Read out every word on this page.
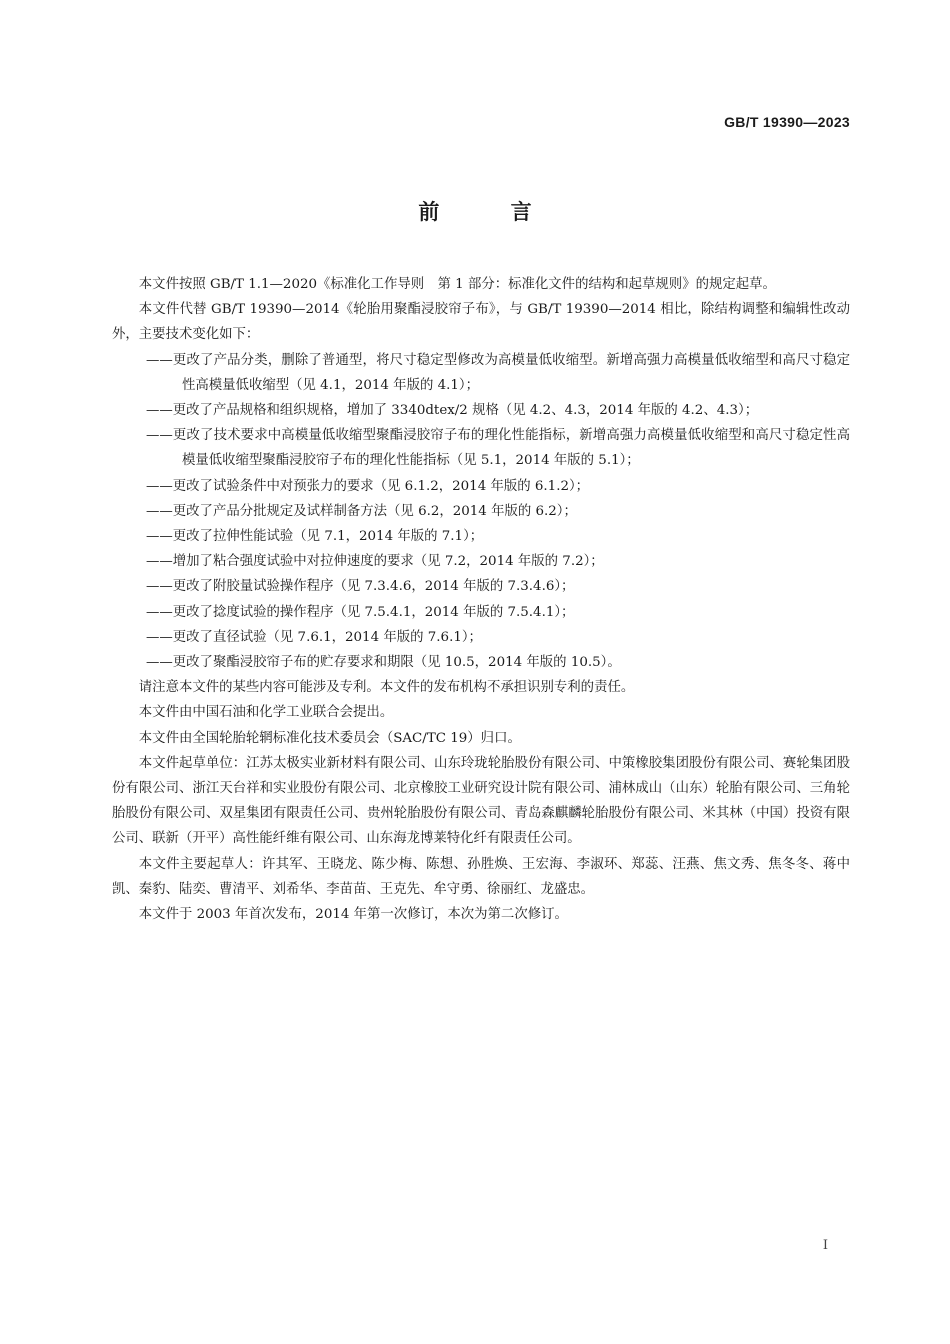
GB/T 19390—2023
前 言

本文件按照 GB/T 1.1—2020《标准化工作导则　第 1 部分：标准化文件的结构和起草规则》的规定起草。

本文件代替 GB/T 19390—2014《轮胎用聚酯浸胶帘子布》，与 GB/T 19390—2014 相比，除结构调整和编辑性改动外，主要技术变化如下：

——更改了产品分类，删除了普通型，将尺寸稳定型修改为高模量低收缩型。新增高强力高模量低收缩型和高尺寸稳定性高模量低收缩型（见 4.1，2014 年版的 4.1）；

——更改了产品规格和组织规格，增加了 3340dtex/2 规格（见 4.2、4.3，2014 年版的 4.2、4.3）；

——更改了技术要求中高模量低收缩型聚酯浸胶帘子布的理化性能指标，新增高强力高模量低收缩型和高尺寸稳定性高模量低收缩型聚酯浸胶帘子布的理化性能指标（见 5.1，2014 年版的 5.1）；

——更改了试验条件中对预张力的要求（见 6.1.2，2014 年版的 6.1.2）；

——更改了产品分批规定及试样制备方法（见 6.2，2014 年版的 6.2）；

——更改了拉伸性能试验（见 7.1，2014 年版的 7.1）；

——增加了粘合强度试验中对拉伸速度的要求（见 7.2，2014 年版的 7.2）；

——更改了附胶量试验操作程序（见 7.3.4.6，2014 年版的 7.3.4.6）；

——更改了捻度试验的操作程序（见 7.5.4.1，2014 年版的 7.5.4.1）；

——更改了直径试验（见 7.6.1，2014 年版的 7.6.1）；

——更改了聚酯浸胶帘子布的贮存要求和期限（见 10.5，2014 年版的 10.5）。

请注意本文件的某些内容可能涉及专利。本文件的发布机构不承担识别专利的责任。

本文件由中国石油和化学工业联合会提出。

本文件由全国轮胎轮辋标准化技术委员会（SAC/TC 19）归口。

本文件起草单位：江苏太极实业新材料有限公司、山东玲珑轮胎股份有限公司、中策橡胶集团股份有限公司、赛轮集团股份有限公司、浙江天台祥和实业股份有限公司、北京橡胶工业研究设计院有限公司、浦林成山（山东）轮胎有限公司、三角轮胎股份有限公司、双星集团有限责任公司、贵州轮胎股份有限公司、青岛森麒麟轮胎股份有限公司、米其林（中国）投资有限公司、联新（开平）高性能纤维有限公司、山东海龙博莱特化纤有限责任公司。

本文件主要起草人：许其军、王晓龙、陈少梅、陈想、孙胜焕、王宏海、李淑环、郑蕊、汪燕、焦文秀、焦冬冬、蒋中凯、秦豹、陆奕、曹清平、刘希华、李苗苗、王克先、牟守勇、徐丽红、龙盛忠。

本文件于 2003 年首次发布，2014 年第一次修订，本次为第二次修订。

I
